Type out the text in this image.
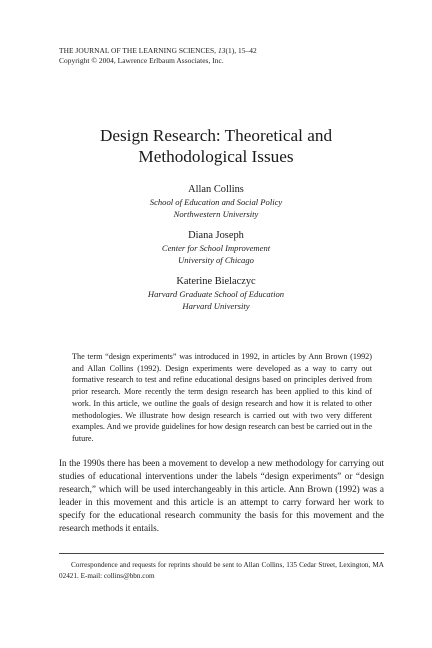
THE JOURNAL OF THE LEARNING SCIENCES, 13(1), 15–42
Copyright © 2004, Lawrence Erlbaum Associates, Inc.
Design Research: Theoretical and
Methodological Issues
Allan Collins
School of Education and Social Policy
Northwestern University
Diana Joseph
Center for School Improvement
University of Chicago
Katerine Bielaczyc
Harvard Graduate School of Education
Harvard University

The term “design experiments” was introduced in 1992, in articles by Ann Brown (1992) and Allan Collins (1992). Design experiments were developed as a way to carry out formative research to test and refine educational designs based on principles derived from prior research. More recently the term design research has been applied to this kind of work. In this article, we outline the goals of design research and how it is related to other methodologies. We illustrate how design research is carried out with two very different examples. And we provide guidelines for how design research can best be carried out in the future.

In the 1990s there has been a movement to develop a new methodology for carrying out studies of educational interventions under the labels “design experiments” or “design research,” which will be used interchangeably in this article. Ann Brown (1992) was a leader in this movement and this article is an attempt to carry forward her work to specify for the educational research community the basis for this movement and the research methods it entails.

Correspondence and requests for reprints should be sent to Allan Collins, 135 Cedar Street, Lexington, MA 02421. E-mail: collins@bbn.com
